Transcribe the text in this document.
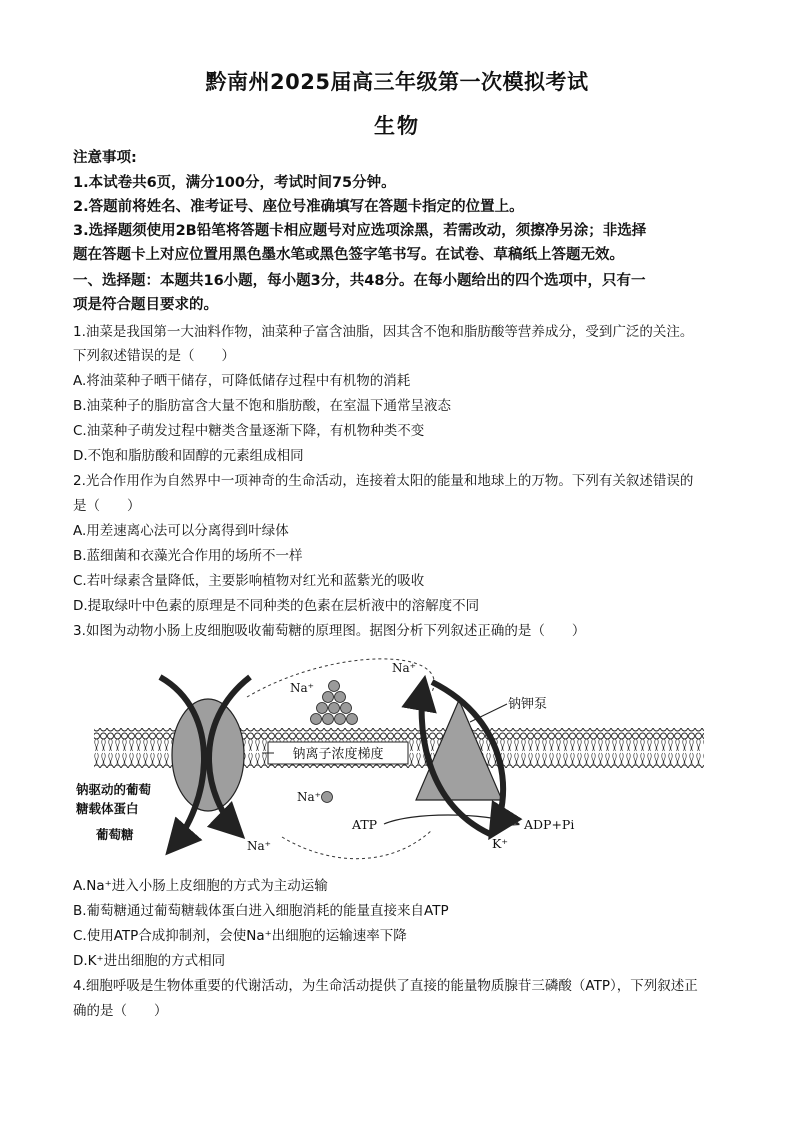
黔南州2025届高三年级第一次模拟考试
生物
注意事项:
1.本试卷共6页，满分100分，考试时间75分钟。
2.答题前将姓名、准考证号、座位号准确填写在答题卡指定的位置上。
3.选择题须使用2B铅笔将答题卡相应题号对应选项涂黑，若需改动，须擦净另涂；非选择
题在答题卡上对应位置用黑色墨水笔或黑色签字笔书写。在试卷、草稿纸上答题无效。
一、选择题：本题共16小题，每小题3分，共48分。在每小题给出的四个选项中，只有一
项是符合题目要求的。
1.油菜是我国第一大油料作物，油菜种子富含油脂，因其含不饱和脂肪酸等营养成分，受到广泛的关注。
下列叙述错误的是（　　）
A.将油菜种子晒干储存，可降低储存过程中有机物的消耗
B.油菜种子的脂肪富含大量不饱和脂肪酸，在室温下通常呈液态
C.油菜种子萌发过程中糖类含量逐渐下降，有机物种类不变
D.不饱和脂肪酸和固醇的元素组成相同
2.光合作用作为自然界中一项神奇的生命活动，连接着太阳的能量和地球上的万物。下列有关叙述错误的
是（　　）
A.用差速离心法可以分离得到叶绿体
B.蓝细菌和衣藻光合作用的场所不一样
C.若叶绿素含量降低，主要影响植物对红光和蓝紫光的吸收
D.提取绿叶中色素的原理是不同种类的色素在层析液中的溶解度不同
3.如图为动物小肠上皮细胞吸收葡萄糖的原理图。据图分析下列叙述正确的是（　　）
钠离子浓度梯度
Na⁺
Na⁺
钠钾泵
钠驱动的葡萄
糖载体蛋白
葡萄糖
Na⁺
Na⁺
ATP	ADP+Pi
K⁺
A.Na⁺进入小肠上皮细胞的方式为主动运输
B.葡萄糖通过葡萄糖载体蛋白进入细胞消耗的能量直接来自ATP
C.使用ATP合成抑制剂，会使Na⁺出细胞的运输速率下降
D.K⁺进出细胞的方式相同
4.细胞呼吸是生物体重要的代谢活动，为生命活动提供了直接的能量物质腺苷三磷酸（ATP），下列叙述正
确的是（　　）
